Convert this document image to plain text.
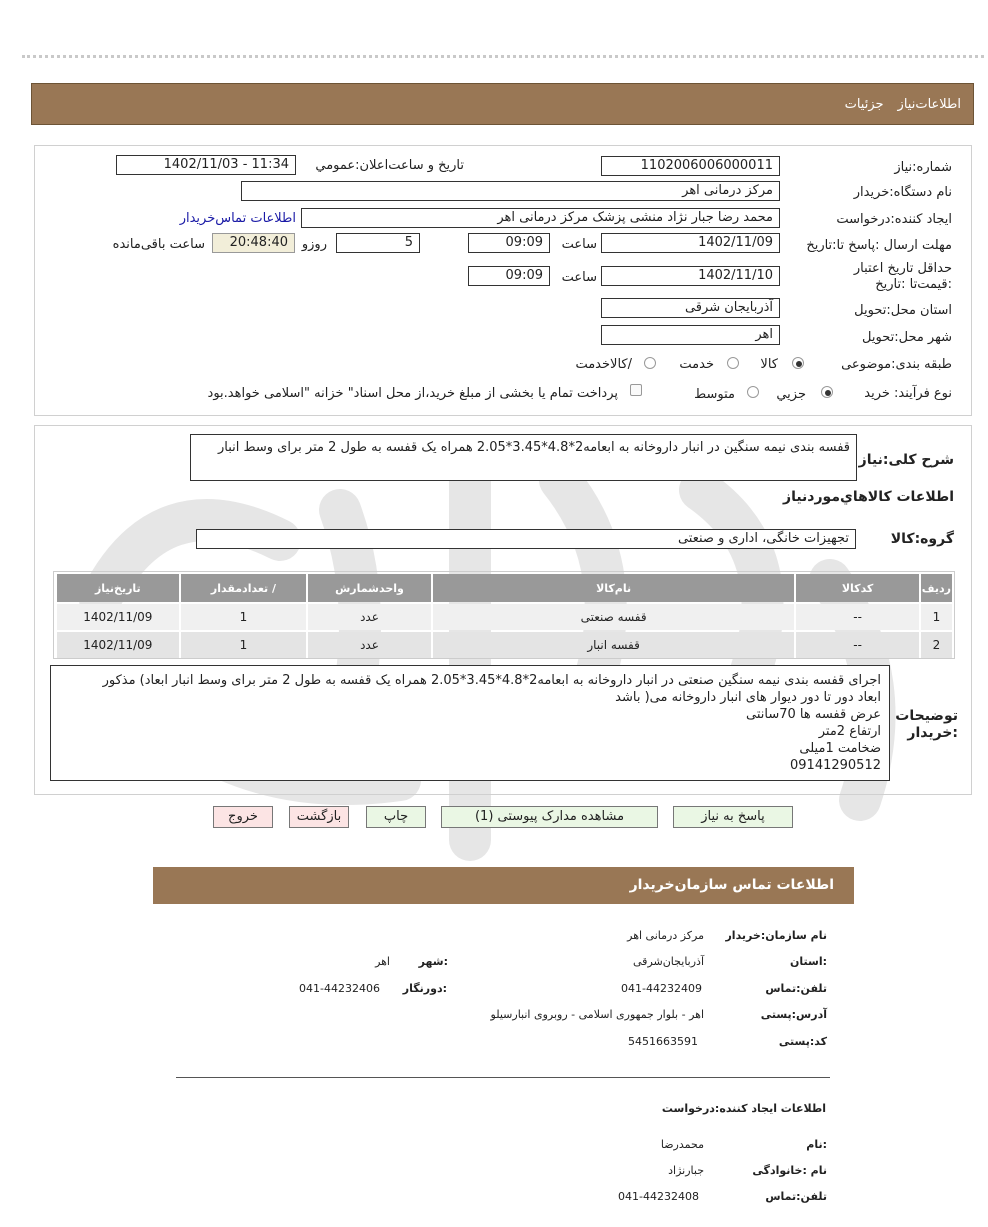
اطلاعات‌نیازجزئیات
شماره:نیاز
1102006006000011
تاریخ و ساعت‌اعلان:عمومي
1402/11/03 - 11:34
نام دستگاه:خریدار
مرکز درمانی اهر
ایجاد کننده:درخواست
محمد رضا جبار نژاد منشی پزشک مرکز درمانی اهر
اطلاعات تماس‌خریدار
مهلت ارسال :پاسخ تا:تاریخ
1402/11/09
ساعت
09:09
5
روزو
20:48:40
ساعت باقی‌مانده
حداقل تاریخ اعتبار :قیمت‌تا :تاریخ
1402/11/10
ساعت
09:09
استان محل:تحویل
آذربایجان شرقی
شهر محل:تحویل
اهر
طبقه بندی:موضوعی
کالا
خدمت
/کالاخدمت
نوع فرآیند: خرید
جزیي
متوسط
پرداخت تمام یا بخشی از مبلغ خرید،از محل اسناد" خزانه "اسلامی خواهد.بود
شرح کلی:نیاز
قفسه بندی نیمه سنگین در انبار داروخانه به ابعامه2*4.8*3.45*2.05 همراه یک قفسه به طول 2 متر برای وسط انبار
اطلاعات کالاهاي‌موردنیاز
گروه:کالا
تجهیزات خانگی، اداری و صنعتی
ردیف	کدکالا	نام‌کالا	واحدشمارش	/ تعدادمقدار	تاریخ‌نیاز
1	--	قفسه صنعتی	عدد	1	1402/11/09
2	--	قفسه انبار	عدد	1	1402/11/09
توضیحات :خریدار
اجرای قفسه بندی نیمه سنگین صنعتی در انبار داروخانه به ابعامه2*4.8*3.45*2.05 همراه یک قفسه به طول 2 متر برای وسط انبار ابعاد) مذکور
ابعاد دور تا دور دیوار های انبار داروخانه می( باشد
عرض قفسه ها 70سانتی
ارتفاع 2متر
ضخامت 1میلی
09141290512
پاسخ به نیاز
مشاهده مدارک پیوستی (1)
چاپ
بازگشت
خروج
اطلاعات تماس سازمان‌خریدار
نام سازمان:خریدار
مرکز درمانی اهر
:استان
آذربایجان‌شرقی
:شهر
اهر
تلفن:تماس
041-44232409
:دورنگار
041-44232406
آدرس:پستی
اهر - بلوار جمهوری اسلامی - روبروی انبارسیلو
کد:پستی
5451663591
اطلاعات ایجاد کننده:درخواست
:نام
محمدرضا
نام :خانوادگی
جبارنژاد
تلفن:تماس
041-44232408
